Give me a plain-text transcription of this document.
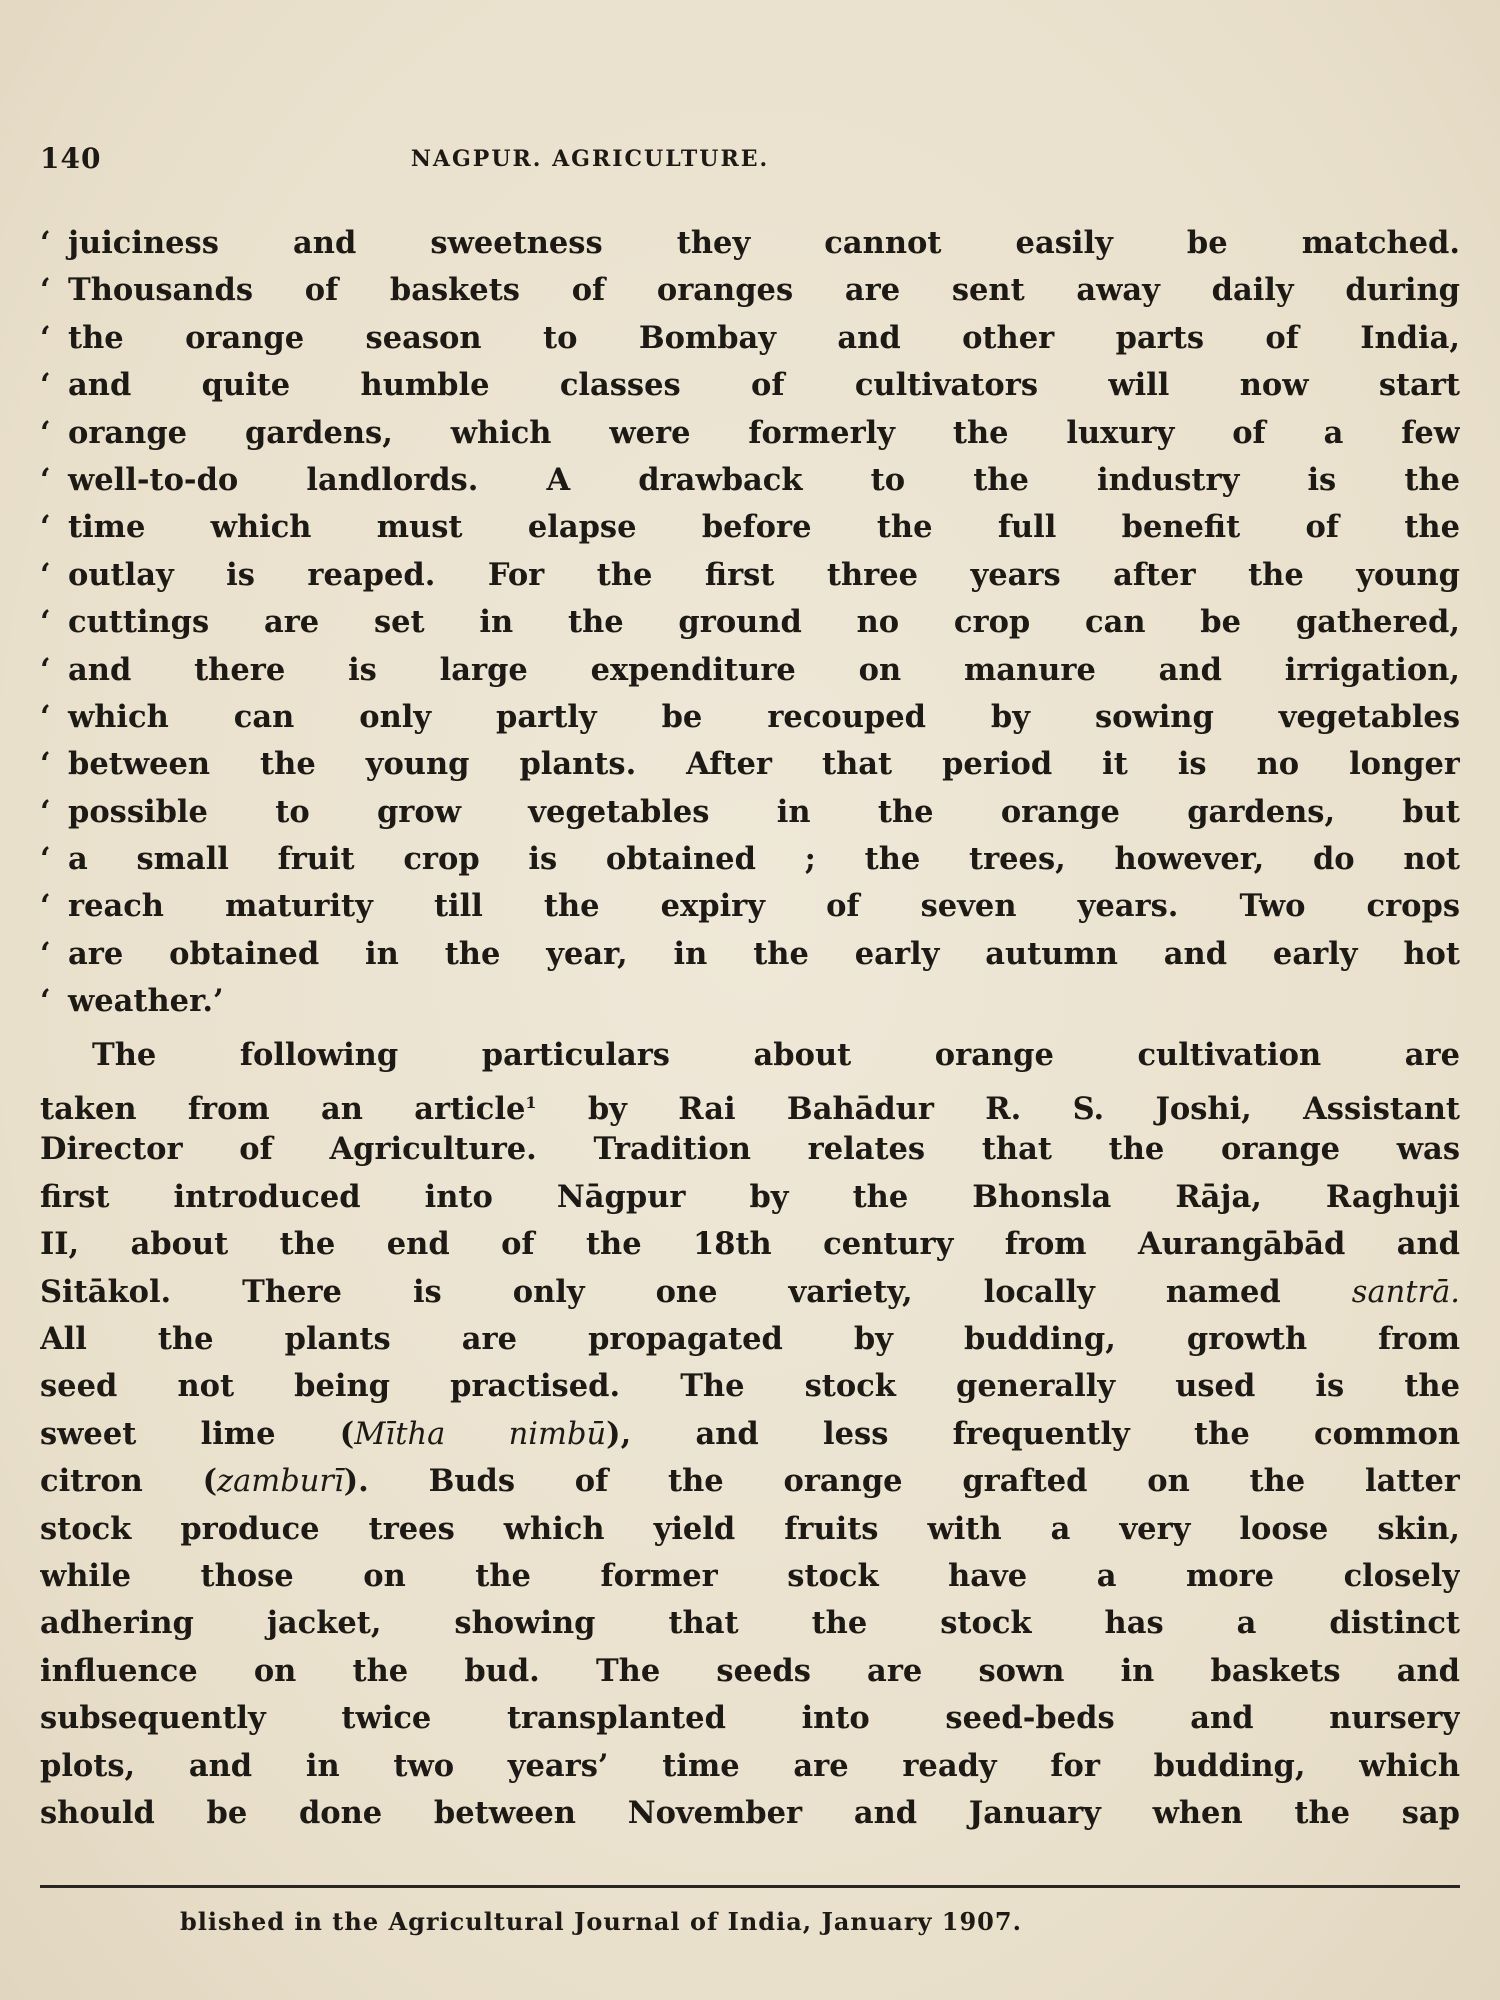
140	NAGPUR. AGRICULTURE.
‘ juiciness and sweetness they cannot easily be matched.
‘ Thousands of baskets of oranges are sent away daily during
‘ the orange season to Bombay and other parts of India,
‘ and quite humble classes of cultivators will now start
‘ orange gardens, which were formerly the luxury of a few
‘ well-to-do landlords. A drawback to the industry is the
‘ time which must elapse before the full benefit of the
‘ outlay is reaped. For the first three years after the young
‘ cuttings are set in the ground no crop can be gathered,
‘ and there is large expenditure on manure and irrigation,
‘ which can only partly be recouped by sowing vegetables
‘ between the young plants. After that period it is no longer
‘ possible to grow vegetables in the orange gardens, but
‘ a small fruit crop is obtained ; the trees, however, do not
‘ reach maturity till the expiry of seven years. Two crops
‘ are obtained in the year, in the early autumn and early hot
‘ weather.’
The following particulars about orange cultivation are
taken from an article$^1$ by Rai Bahādur R. S. Joshi, Assistant
Director of Agriculture. Tradition relates that the orange was
first introduced into Nāgpur by the Bhonsla Rāja, Raghuji
II, about the end of the 18th century from Aurangābād and
Sitākol. There is only one variety, locally named santrā.
All the plants are propagated by budding, growth from
seed not being practised. The stock generally used is the
sweet lime (Mītha nimbū), and less frequently the common
citron (zamburī). Buds of the orange grafted on the latter
stock produce trees which yield fruits with a very loose skin,
while those on the former stock have a more closely
adhering jacket, showing that the stock has a distinct
influence on the bud. The seeds are sown in baskets and
subsequently twice transplanted into seed-beds and nursery
plots, and in two years’ time are ready for budding, which
should be done between November and January when the sap
blished in the Agricultural Journal of India, January 1907.
